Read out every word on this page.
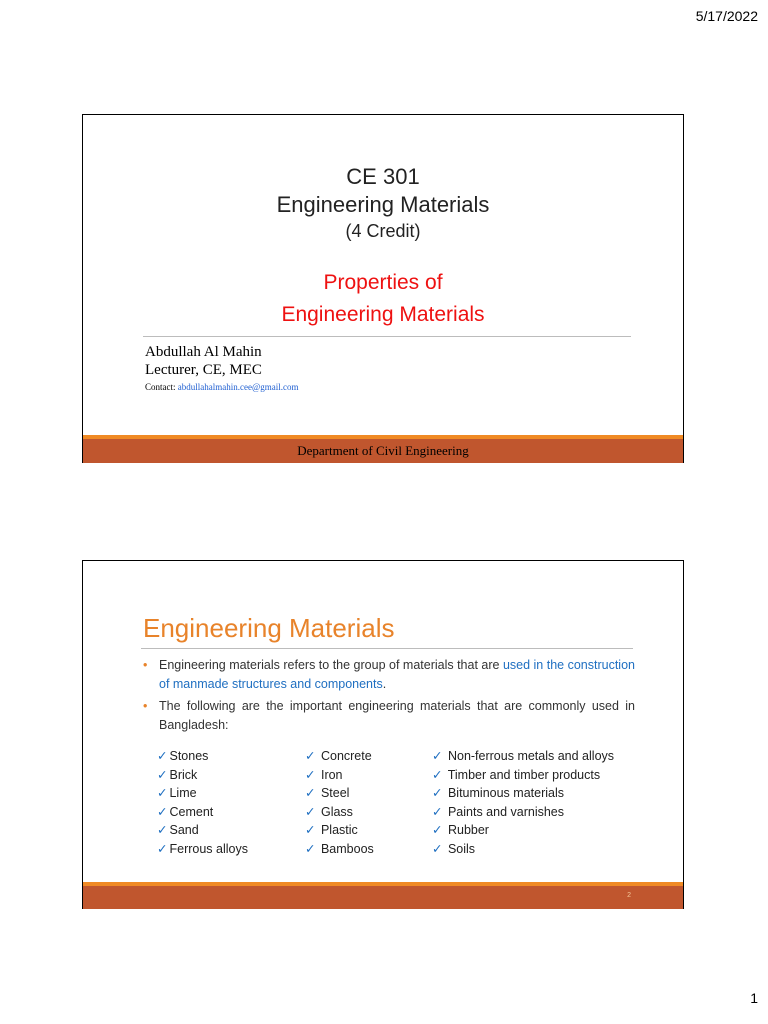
5/17/2022
CE 301
Engineering Materials
(4 Credit)
Properties of
Engineering Materials
Abdullah Al Mahin
Lecturer, CE, MEC
Contact: abdullahalmahin.cee@gmail.com
Department of Civil Engineering
Engineering Materials
• Engineering materials refers to the group of materials that are used in the construction of manmade structures and components.
• The following are the important engineering materials that are commonly used in Bangladesh:
✓ Stones
✓ Brick
✓ Lime
✓ Cement
✓ Sand
✓ Ferrous alloys
✓ Concrete
✓ Iron
✓ Steel
✓ Glass
✓ Plastic
✓ Bamboos
✓ Non-ferrous metals and alloys
✓ Timber and timber products
✓ Bituminous materials
✓ Paints and varnishes
✓ Rubber
✓ Soils
2
1
